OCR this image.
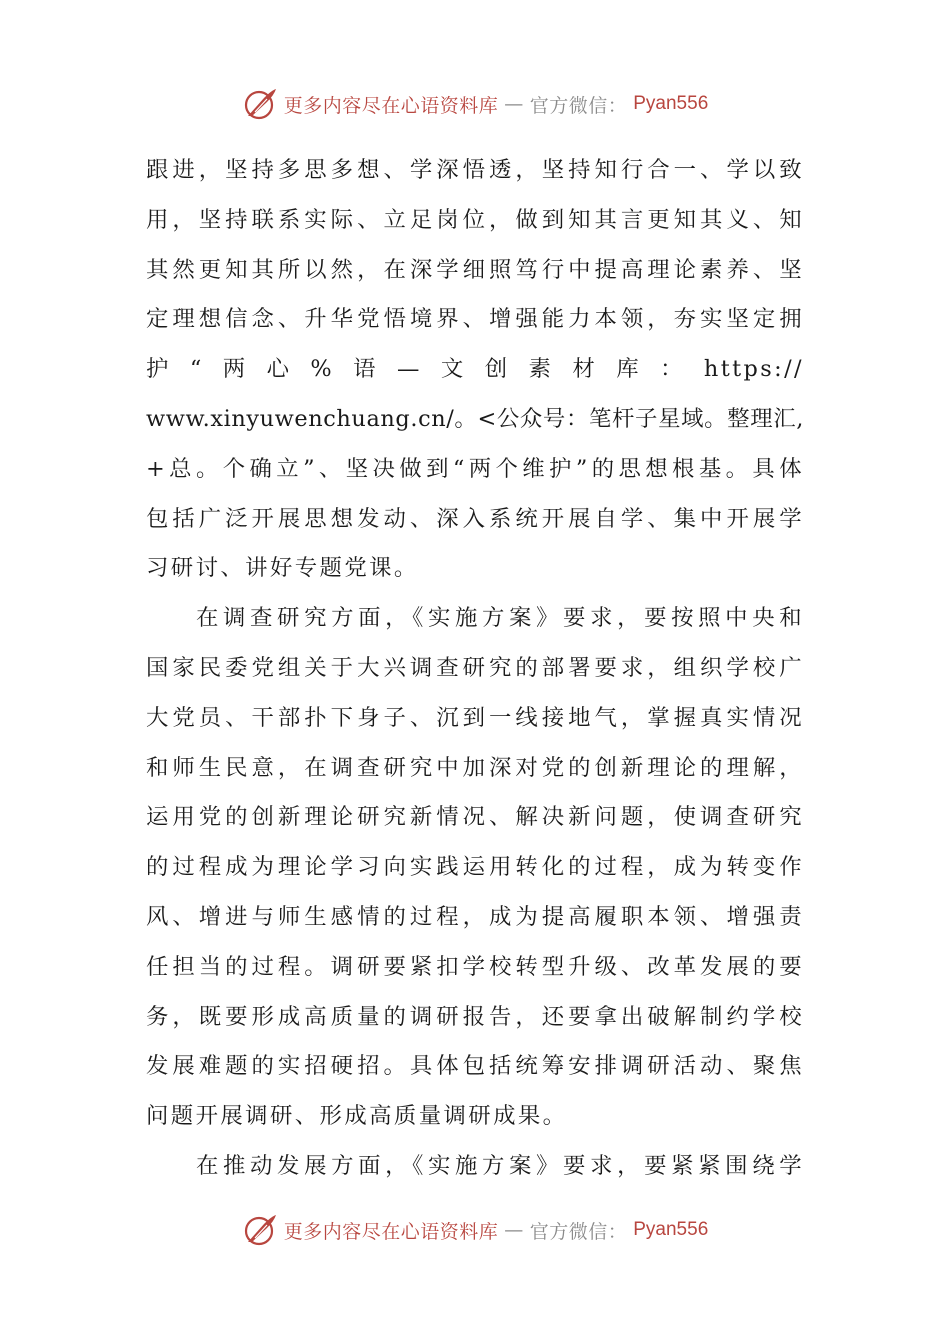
更多内容尽在心语资料库 — 官方微信： Pyan556
跟进，坚持多思多想、学深悟透，坚持知行合一、学以致
用，坚持联系实际、立足岗位，做到知其言更知其义、知
其然更知其所以然，在深学细照笃行中提高理论素养、坚
定理想信念、升华党悟境界、增强能力本领，夯实坚定拥
护“两心%语—文创素材库：https://
www.xinyuwenchuang.cn/。<公众号：笔杆子星域。整理汇,
+总。个确立”、坚决做到“两个维护”的思想根基。具体
包括广泛开展思想发动、深入系统开展自学、集中开展学
习研讨、讲好专题党课。
在调查研究方面，《实施方案》要求，要按照中央和
国家民委党组关于大兴调查研究的部署要求，组织学校广
大党员、干部扑下身子、沉到一线接地气，掌握真实情况
和师生民意，在调查研究中加深对党的创新理论的理解，
运用党的创新理论研究新情况、解决新问题，使调查研究
的过程成为理论学习向实践运用转化的过程，成为转变作
风、增进与师生感情的过程，成为提高履职本领、增强责
任担当的过程。调研要紧扣学校转型升级、改革发展的要
务，既要形成高质量的调研报告，还要拿出破解制约学校
发展难题的实招硬招。具体包括统筹安排调研活动、聚焦
问题开展调研、形成高质量调研成果。
在推动发展方面，《实施方案》要求，要紧紧围绕学
更多内容尽在心语资料库 — 官方微信： Pyan556
